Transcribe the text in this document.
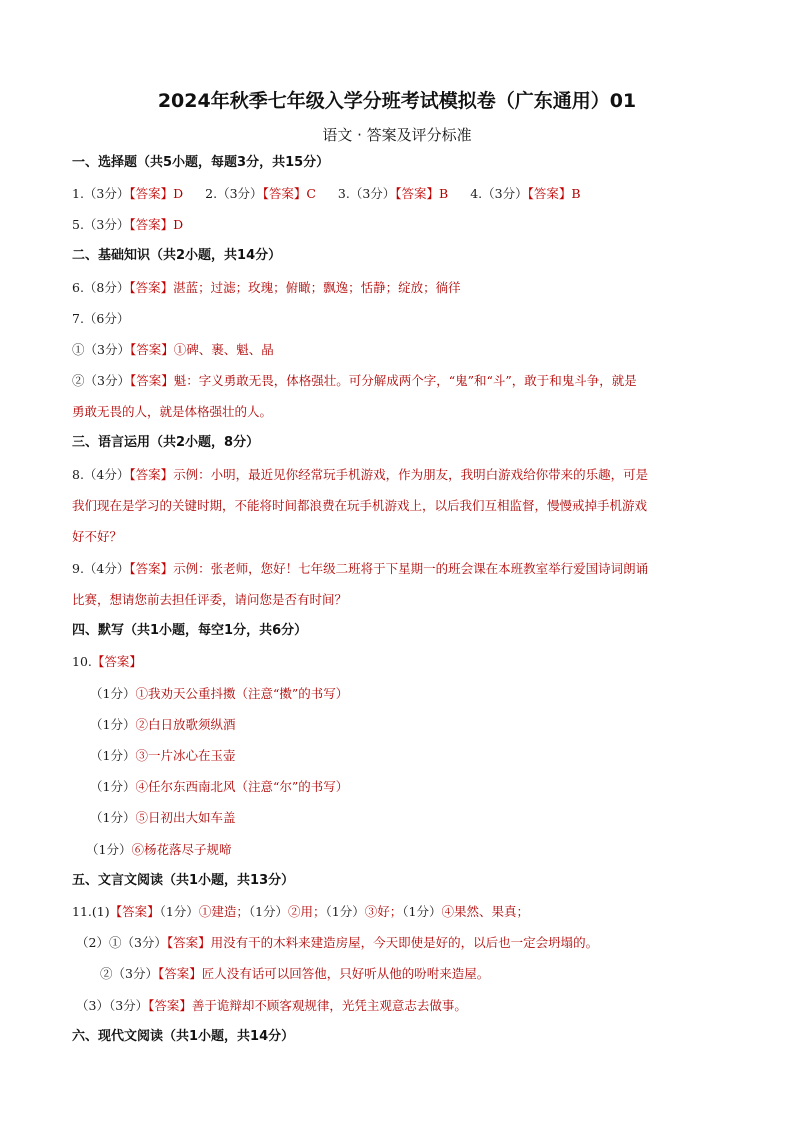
2024年秋季七年级入学分班考试模拟卷（广东通用）01
语文 · 答案及评分标准
一、选择题（共5小题，每题3分，共15分）
1.（3分）【答案】D 2.（3分）【答案】C 3.（3分）【答案】B 4.（3分）【答案】B
5.（3分）【答案】D
二、基础知识（共2小题，共14分）
6.（8分）【答案】湛蓝；过滤；玫瑰；俯瞰；飘逸；恬静；绽放；徜徉
7.（6分）
①（3分）【答案】①碑、裹、魁、晶
②（3分）【答案】魁：字义勇敢无畏，体格强壮。可分解成两个字，“鬼”和“斗”，敢于和鬼斗争，就是
勇敢无畏的人，就是体格强壮的人。
三、语言运用（共2小题，8分）
8.（4分）【答案】示例：小明，最近见你经常玩手机游戏，作为朋友，我明白游戏给你带来的乐趣，可是
我们现在是学习的关键时期，不能将时间都浪费在玩手机游戏上，以后我们互相监督，慢慢戒掉手机游戏
好不好？
9.（4分）【答案】示例：张老师，您好！七年级二班将于下星期一的班会课在本班教室举行爱国诗词朗诵
比赛，想请您前去担任评委，请问您是否有时间？
四、默写（共1小题，每空1分，共6分）
10.【答案】
（1分）①我劝天公重抖擞（注意“擞”的书写）
（1分）②白日放歌须纵酒
（1分）③一片冰心在玉壶
（1分）④任尔东西南北风（注意“尔”的书写）
（1分）⑤日初出大如车盖
（1分）⑥杨花落尽子规啼
五、文言文阅读（共1小题，共13分）
11.(1)【答案】（1分）①建造；（1分）②用；（1分）③好；（1分）④果然、果真；
（2）①（3分）【答案】用没有干的木料来建造房屋，今天即使是好的，以后也一定会坍塌的。
②（3分）【答案】匠人没有话可以回答他，只好听从他的吩咐来造屋。
（3）（3分）【答案】善于诡辩却不顾客观规律，光凭主观意志去做事。
六、现代文阅读（共1小题，共14分）
